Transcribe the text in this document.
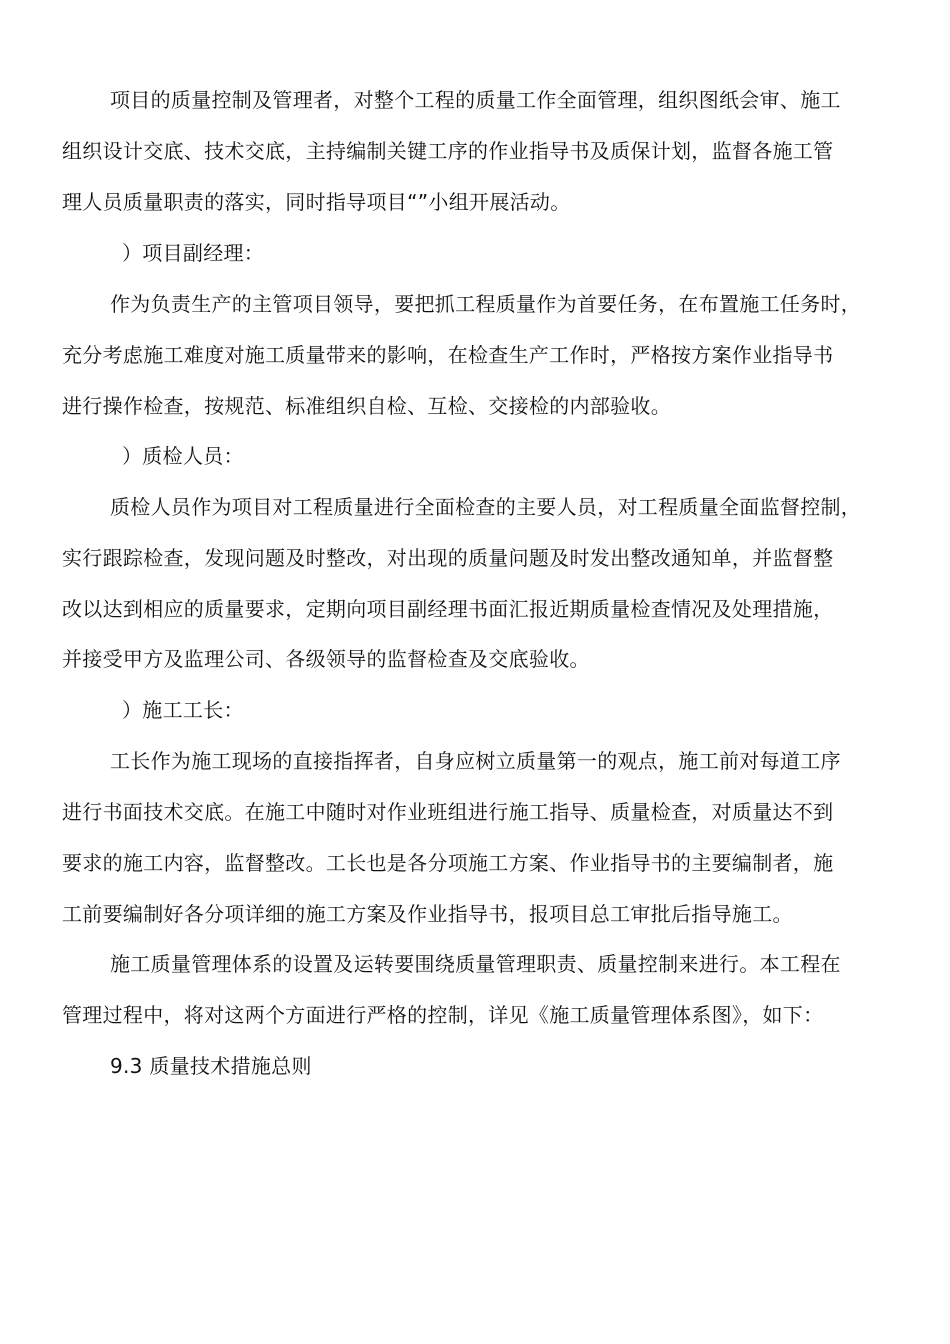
项目的质量控制及管理者，对整个工程的质量工作全面管理，组织图纸会审、施工
组织设计交底、技术交底，主持编制关键工序的作业指导书及质保计划，监督各施工管
理人员质量职责的落实，同时指导项目“”小组开展活动。
）项目副经理：
作为负责生产的主管项目领导，要把抓工程质量作为首要任务，在布置施工任务时，
充分考虑施工难度对施工质量带来的影响，在检查生产工作时，严格按方案作业指导书
进行操作检查，按规范、标准组织自检、互检、交接检的内部验收。
）质检人员：
质检人员作为项目对工程质量进行全面检查的主要人员，对工程质量全面监督控制，
实行跟踪检查，发现问题及时整改，对出现的质量问题及时发出整改通知单，并监督整
改以达到相应的质量要求，定期向项目副经理书面汇报近期质量检查情况及处理措施，
并接受甲方及监理公司、各级领导的监督检查及交底验收。
）施工工长：
工长作为施工现场的直接指挥者，自身应树立质量第一的观点，施工前对每道工序
进行书面技术交底。在施工中随时对作业班组进行施工指导、质量检查，对质量达不到
要求的施工内容，监督整改。工长也是各分项施工方案、作业指导书的主要编制者，施
工前要编制好各分项详细的施工方案及作业指导书，报项目总工审批后指导施工。
施工质量管理体系的设置及运转要围绕质量管理职责、质量控制来进行。本工程在
管理过程中，将对这两个方面进行严格的控制，详见《施工质量管理体系图》，如下：
9.3 质量技术措施总则
